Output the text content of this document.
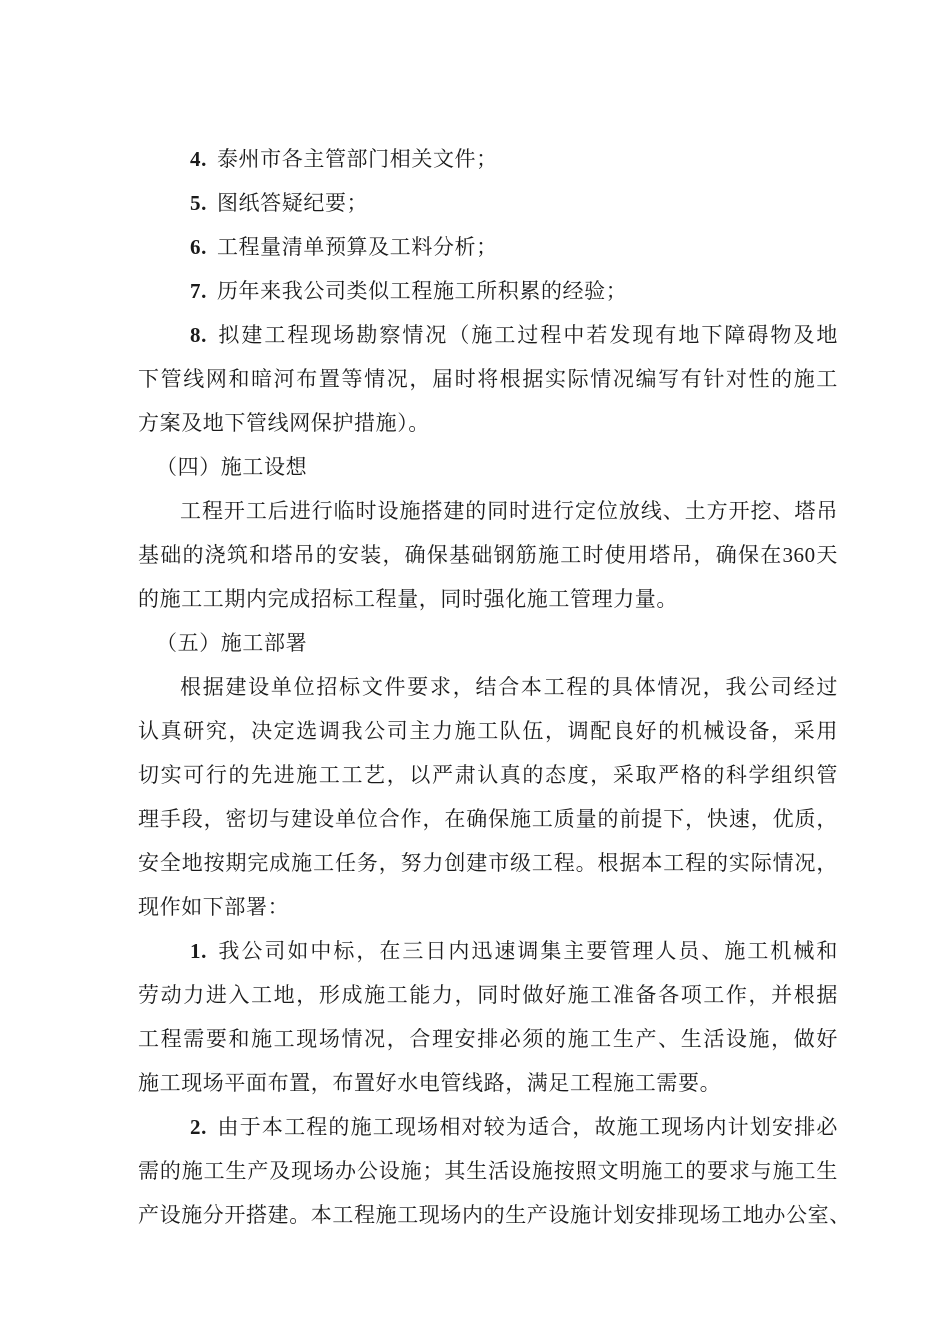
4. 泰州市各主管部门相关文件；
5. 图纸答疑纪要；
6. 工程量清单预算及工料分析；
7. 历年来我公司类似工程施工所积累的经验；
8. 拟建工程现场勘察情况（施工过程中若发现有地下障碍物及地
下管线网和暗河布置等情况，届时将根据实际情况编写有针对性的施工
方案及地下管线网保护措施）。
（四）施工设想
工程开工后进行临时设施搭建的同时进行定位放线、土方开挖、塔吊
基础的浇筑和塔吊的安装，确保基础钢筋施工时使用塔吊，确保在360天
的施工工期内完成招标工程量，同时强化施工管理力量。
（五）施工部署
根据建设单位招标文件要求，结合本工程的具体情况，我公司经过
认真研究，决定选调我公司主力施工队伍，调配良好的机械设备，采用
切实可行的先进施工工艺，以严肃认真的态度，采取严格的科学组织管
理手段，密切与建设单位合作，在确保施工质量的前提下，快速，优质，
安全地按期完成施工任务，努力创建市级工程。根据本工程的实际情况，
现作如下部署：
1. 我公司如中标，在三日内迅速调集主要管理人员、施工机械和
劳动力进入工地，形成施工能力，同时做好施工准备各项工作，并根据
工程需要和施工现场情况，合理安排必须的施工生产、生活设施，做好
施工现场平面布置，布置好水电管线路，满足工程施工需要。
2. 由于本工程的施工现场相对较为适合，故施工现场内计划安排必
需的施工生产及现场办公设施；其生活设施按照文明施工的要求与施工生
产设施分开搭建。本工程施工现场内的生产设施计划安排现场工地办公室、
